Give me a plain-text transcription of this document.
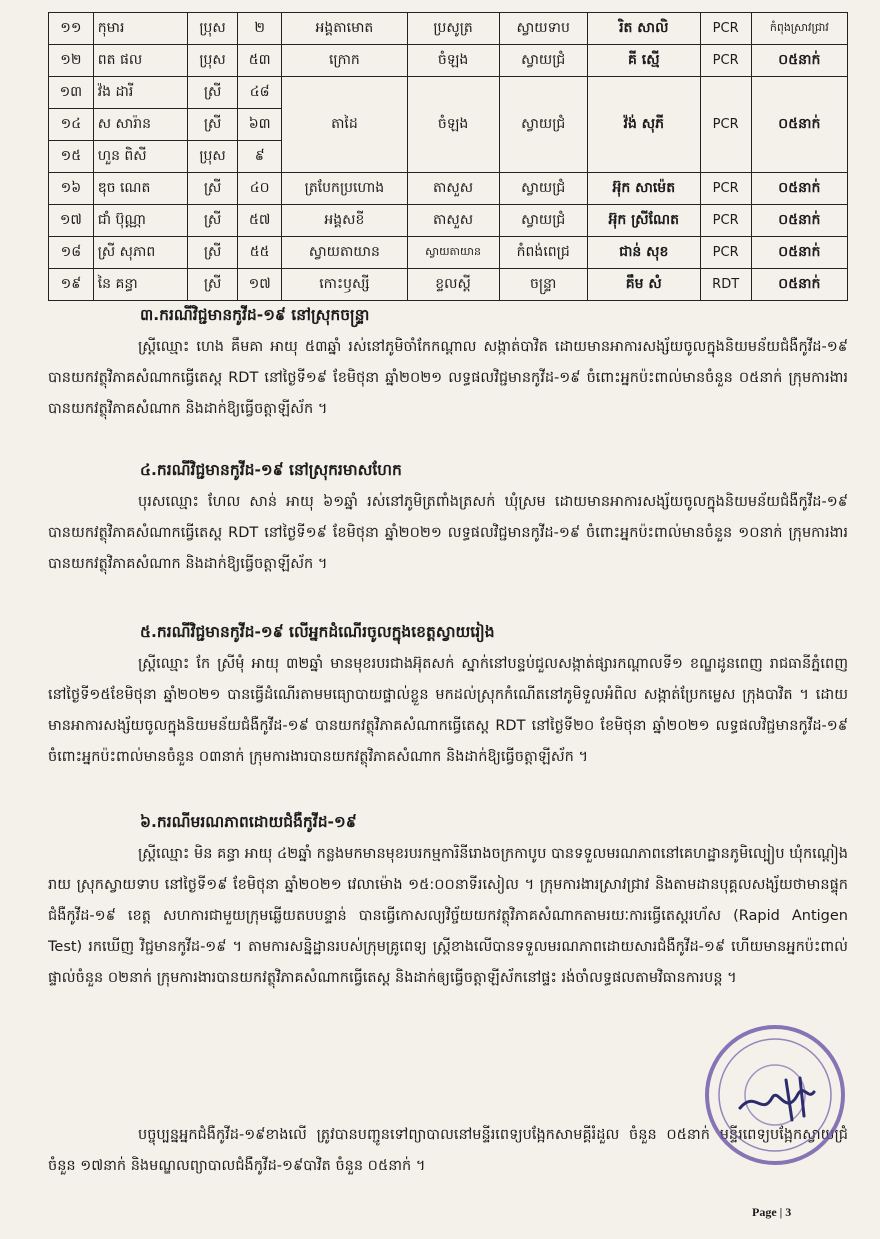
១១	កុមារ	ប្រុស	២	អង្គតាមោត	ប្រសូត្រ	ស្វាយទាប	រិត សាលិ	PCR	កំពុងស្រាវជ្រាវ
១២	ពត ផល	ប្រុស	៥៣	ក្រោក	ចំឡង	ស្វាយជ្រំ	គី ស្មើ	PCR	០៥នាក់
១៣	វ៉ង ដារី	ស្រី	៤៨	តាដៃ	ចំឡង	ស្វាយជ្រំ	វ៉ង់ សុភី	PCR	០៥នាក់
១៤	ស សារ៉ាន	ស្រី	៦៣						
១៥	ហួន ពិសី	ប្រុស	៩						
១៦	ឌុច ណេត	ស្រី	៤០	ត្របែកប្រហោង	តាសួស	ស្វាយជ្រំ	អ៊ុក សាម៉េត	PCR	០៥នាក់
១៧	ជាំ ប៊ុណ្ណា	ស្រី	៥៧	អង្គសខី	តាសួស	ស្វាយជ្រំ	អ៊ុក ស្រីណែត	PCR	០៥នាក់
១៨	ស្រី សុភាព	ស្រី	៥៥	ស្វាយតាយាន	ស្វាយតាយាន	កំពង់ពេជ្រ	ជាន់ សុខ	PCR	០៥នាក់
១៩	នៃ គន្ធា	ស្រី	១៧	កោះឫស្សី	ខ្ទលស្តី	ចន្ទ្រា	គឹម សំ	RDT	០៥នាក់
៣.ករណីវិជ្ជមានកូវីដ-១៩ នៅស្រុកចន្ទ្រា

ស្ត្រីឈ្មោះ ហេង គឹមគា អាយុ ៥៣ឆ្នាំ រស់នៅភូមិចាំកែកណ្ដាល សង្កាត់បាវិត ដោយមានអាការសង្ស័យចូលក្នុងនិយមន័យជំងឺកូវីដ-១៩ បានយកវត្ថុវិភាគសំណាកធ្វើតេស្ត RDT នៅថ្ងៃទី១៩ ខែមិថុនា ឆ្នាំ២០២១ លទ្ធផលវិជ្ជមានកូវីដ-១៩ ចំពោះអ្នកប៉ះពាល់មានចំនួន ០៥នាក់ ក្រុមការងារបានយកវត្ថុវិភាគសំណាក និងដាក់ឱ្យធ្វើចត្តាឡីស័ក ។

៤.ករណីវិជ្ជមានកូវីដ-១៩ នៅស្រុករមាសហែក

បុរសឈ្មោះ ហែល សាន់ អាយុ ៦១ឆ្នាំ រស់នៅភូមិត្រពាំងត្រសក់ ឃុំស្រម ដោយមានអាការសង្ស័យចូលក្នុងនិយមន័យជំងឺកូវីដ-១៩ បានយកវត្ថុវិភាគសំណាកធ្វើតេស្ត RDT នៅថ្ងៃទី១៩ ខែមិថុនា ឆ្នាំ២០២១ លទ្ធផលវិជ្ជមានកូវីដ-១៩ ចំពោះអ្នកប៉ះពាល់មានចំនួន ១០នាក់ ក្រុមការងារបានយកវត្ថុវិភាគសំណាក និងដាក់ឱ្យធ្វើចត្តាឡីស័ក ។

៥.ករណីវិជ្ជមានកូវីដ-១៩ លើអ្នកដំណើរចូលក្នុងខេត្តស្វាយរៀង

ស្ត្រីឈ្មោះ កែ ស្រីមុំ អាយុ ៣២ឆ្នាំ មានមុខរបរជាងអ៊ុតសក់ ស្នាក់នៅបន្ទប់ជួលសង្កាត់ផ្សារកណ្តាលទី១ ខណ្ឌដូនពេញ រាជធានីភ្នំពេញ នៅថ្ងៃទី១៥ខែមិថុនា ឆ្នាំ២០២១ បានធ្វើដំណើរតាមមធ្យោបាយផ្ទាល់ខ្លួន មកដល់ស្រុកកំណើតនៅភូមិទួលអំពិល សង្កាត់ប្រែកម្លេស ក្រុងបាវិត ។ ដោយមានអាការសង្ស័យចូលក្នុងនិយមន័យជំងឺកូវីដ-១៩ បានយកវត្ថុវិភាគសំណាកធ្វើតេស្ត RDT នៅថ្ងៃទី២០ ខែមិថុនា ឆ្នាំ២០២១ លទ្ធផលវិជ្ជមានកូវីដ-១៩ ចំពោះអ្នកប៉ះពាល់មានចំនួន ០៣នាក់ ក្រុមការងារបានយកវត្ថុវិភាគសំណាក និងដាក់ឱ្យធ្វើចត្តាឡីស័ក ។

៦.ករណីមរណភាពដោយជំងឺកូវីដ-១៩

ស្ត្រីឈ្មោះ មិន គន្ធា អាយុ ៤២ឆ្នាំ កន្លងមកមានមុខរបរកម្មការិនីរោងចក្រកាបូប បានទទួលមរណភាពនៅគេហដ្ឋានភូមិល្បៀប ឃុំកណ្ដៀងរាយ ស្រុកស្វាយទាប នៅថ្ងៃទី១៩ ខែមិថុនា ឆ្នាំ២០២១ វេលាម៉ោង ១៥:០០នាទីរសៀល ។ ក្រុមការងារស្រាវជ្រាវ និងតាមដានបុគ្គលសង្ស័យថាមានផ្ទុកជំងឺកូវីដ-១៩ ខេត្ត សហការជាមួយក្រុមឆ្លើយតបបន្ទាន់ បានធ្វើកោសល្យវិច្ច័យយកវត្ថុវិភាគសំណាកតាមរយៈការធ្វើតេស្តរហ័ស (Rapid Antigen Test) រកឃើញ វិជ្ជមានកូវីដ-១៩ ។ តាមការសន្និដ្ឋានរបស់ក្រុមគ្រូពេទ្យ ស្ត្រីខាងលើបានទទួលមរណភាពដោយសារជំងឺកូវីដ-១៩ ហើយមានអ្នកប៉ះពាល់ផ្ទាល់ចំនួន ០២នាក់ ក្រុមការងារបានយកវត្ថុវិភាគសំណាកធ្វើតេស្ត និងដាក់ឲ្យធ្វើចត្តាឡីស័កនៅផ្ទះ រង់ចាំលទ្ធផលតាមវិធានការបន្ត ។

បច្ចុប្បន្នអ្នកជំងឺកូវីដ-១៩ខាងលើ ត្រូវបានបញ្ជូនទៅព្យាបាលនៅមន្ទីរពេទ្យបង្អែកសាមគ្គីរំដួល ចំនួន ០៥នាក់ មន្ទីរពេទ្យបង្អែកស្វាយជ្រំ ចំនួន ១៧នាក់ និងមណ្ឌលព្យាបាលជំងឺកូវីដ-១៩បាវិត ចំនួន ០៥នាក់ ។

Page | 3
